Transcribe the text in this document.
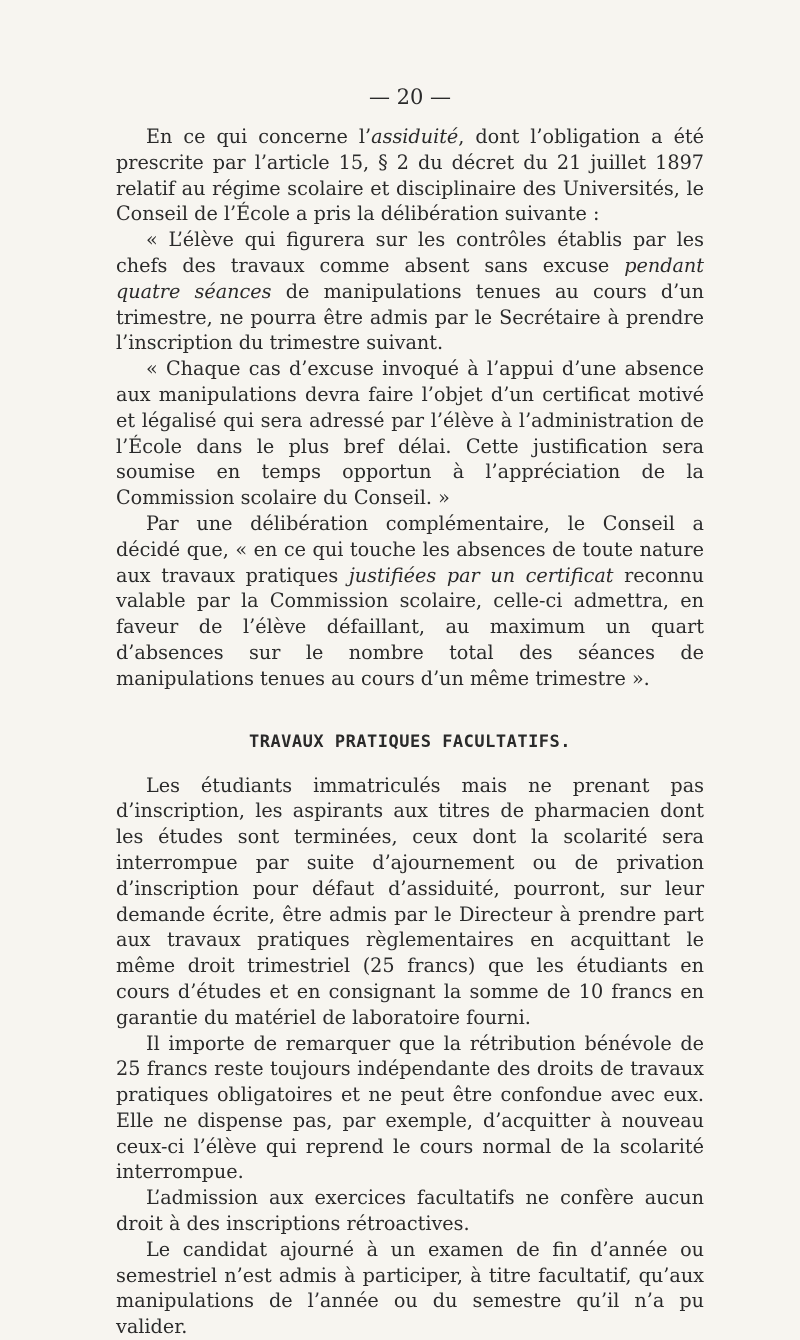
— 20 —

En ce qui concerne l’assiduité, dont l’obligation a été prescrite par l’article 15, § 2 du décret du 21 juillet 1897 relatif au régime scolaire et disciplinaire des Universités, le Conseil de l’École a pris la délibération suivante :

« L’élève qui figurera sur les contrôles établis par les chefs des travaux comme absent sans excuse pendant quatre séances de manipulations tenues au cours d’un trimestre, ne pourra être admis par le Secrétaire à prendre l’inscription du trimestre suivant.

« Chaque cas d’excuse invoqué à l’appui d’une absence aux manipulations devra faire l’objet d’un certificat motivé et légalisé qui sera adressé par l’élève à l’administration de l’École dans le plus bref délai. Cette justification sera soumise en temps opportun à l’appréciation de la Commission scolaire du Conseil. »

Par une délibération complémentaire, le Conseil a décidé que, « en ce qui touche les absences de toute nature aux travaux pratiques justifiées par un certificat reconnu valable par la Commission scolaire, celle-ci admettra, en faveur de l’élève défaillant, au maximum un quart d’absences sur le nombre total des séances de manipulations tenues au cours d’un même trimestre ».

TRAVAUX PRATIQUES FACULTATIFS.

Les étudiants immatriculés mais ne prenant pas d’inscription, les aspirants aux titres de pharmacien dont les études sont terminées, ceux dont la scolarité sera interrompue par suite d’ajournement ou de privation d’inscription pour défaut d’assiduité, pourront, sur leur demande écrite, être admis par le Directeur à prendre part aux travaux pratiques règlementaires en acquittant le même droit trimestriel (25 francs) que les étudiants en cours d’études et en consignant la somme de 10 francs en garantie du matériel de laboratoire fourni.

Il importe de remarquer que la rétribution bénévole de 25 francs reste toujours indépendante des droits de travaux pratiques obligatoires et ne peut être confondue avec eux. Elle ne dispense pas, par exemple, d’acquitter à nouveau ceux-ci l’élève qui reprend le cours normal de la scolarité interrompue.

L’admission aux exercices facultatifs ne confère aucun droit à des inscriptions rétroactives.

Le candidat ajourné à un examen de fin d’année ou semestriel n’est admis à participer, à titre facultatif, qu’aux manipulations de l’année ou du semestre qu’il n’a pu valider.
